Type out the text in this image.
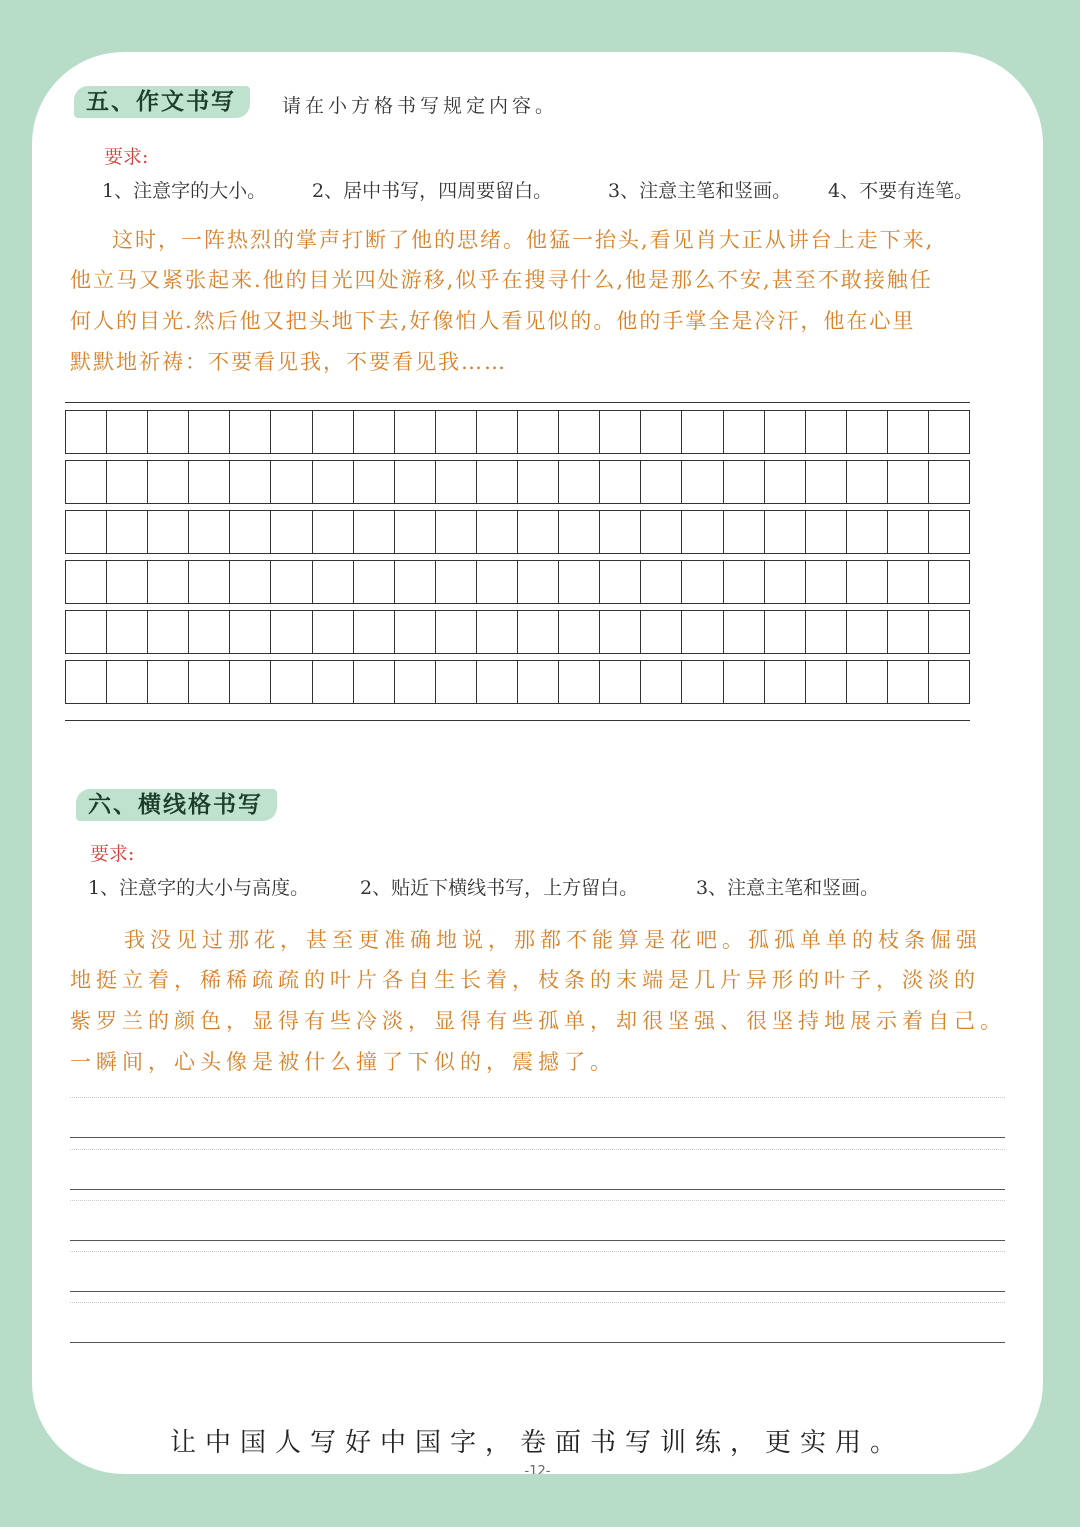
五、作文书写	请在小方格书写规定内容。
要求:
1、注意字的大小。 2、居中书写，四周要留白。	3、注意主笔和竖画。 4、不要有连笔。
这时，一阵热烈的掌声打断了他的思绪。他猛一抬头,看见肖大正从讲台上走下来,
他立马又紧张起来.他的目光四处游移,似乎在搜寻什么,他是那么不安,甚至不敢接触任
何人的目光.然后他又把头地下去,好像怕人看见似的。他的手掌全是冷汗，他在心里
默默地祈祷：不要看见我，不要看见我……
六、横线格书写
要求:
1、注意字的大小与高度。	2、贴近下横线书写，上方留白。	3、注意主笔和竖画。
我没见过那花，甚至更准确地说，那都不能算是花吧。孤孤单单的枝条倔强
地挺立着，稀稀疏疏的叶片各自生长着，枝条的末端是几片异形的叶子，淡淡的
紫罗兰的颜色，显得有些冷淡，显得有些孤单，却很坚强、很坚持地展示着自己。
一瞬间，心头像是被什么撞了下似的，震撼了。
让中国人写好中国字，卷面书写训练，更实用。
-12-
